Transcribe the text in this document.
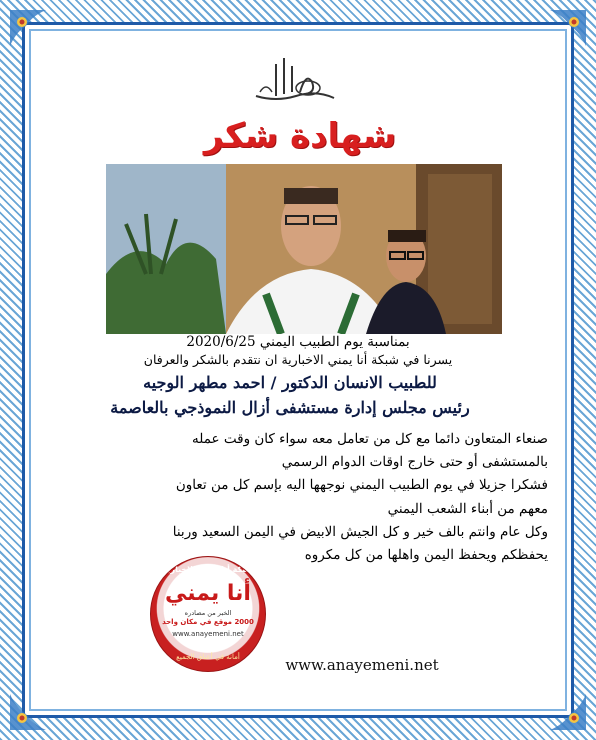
شهادة شكر
بمناسبة يوم الطبيب اليمني 2020/6/25
يسرنا في شبكة أنا يمني الاخبارية ان نتقدم بالشكر والعرفان
للطبيب الانسان الدكتور / احمد مطهر الوجيه
رئيس مجلس إدارة مستشفى أزال النموذجي بالعاصمة
صنعاء المتعاون دائما مع كل من تعامل معه سواء كان وقت عمله
بالمستشفى أو حتى خارج اوقات الدوام الرسمي
فشكرا جزيلا في يوم الطبيب اليمني نوجهها اليه بإسم كل من تعاون
معهم من أبناء الشعب اليمني
وكل عام وانتم بالف خير و كل الجيش الابيض في اليمن السعيد وربنا
يحفظكم ويحفظ اليمن واهلها من كل مكروه
شبكة أنا يمني الإخبارية
أنا يمني
الخبر من مصادره
2000 موقع في مكان واحد
www.anayemeni.net
اليمن
أمانة في أعناق الجميع	www.anayemeni.net
